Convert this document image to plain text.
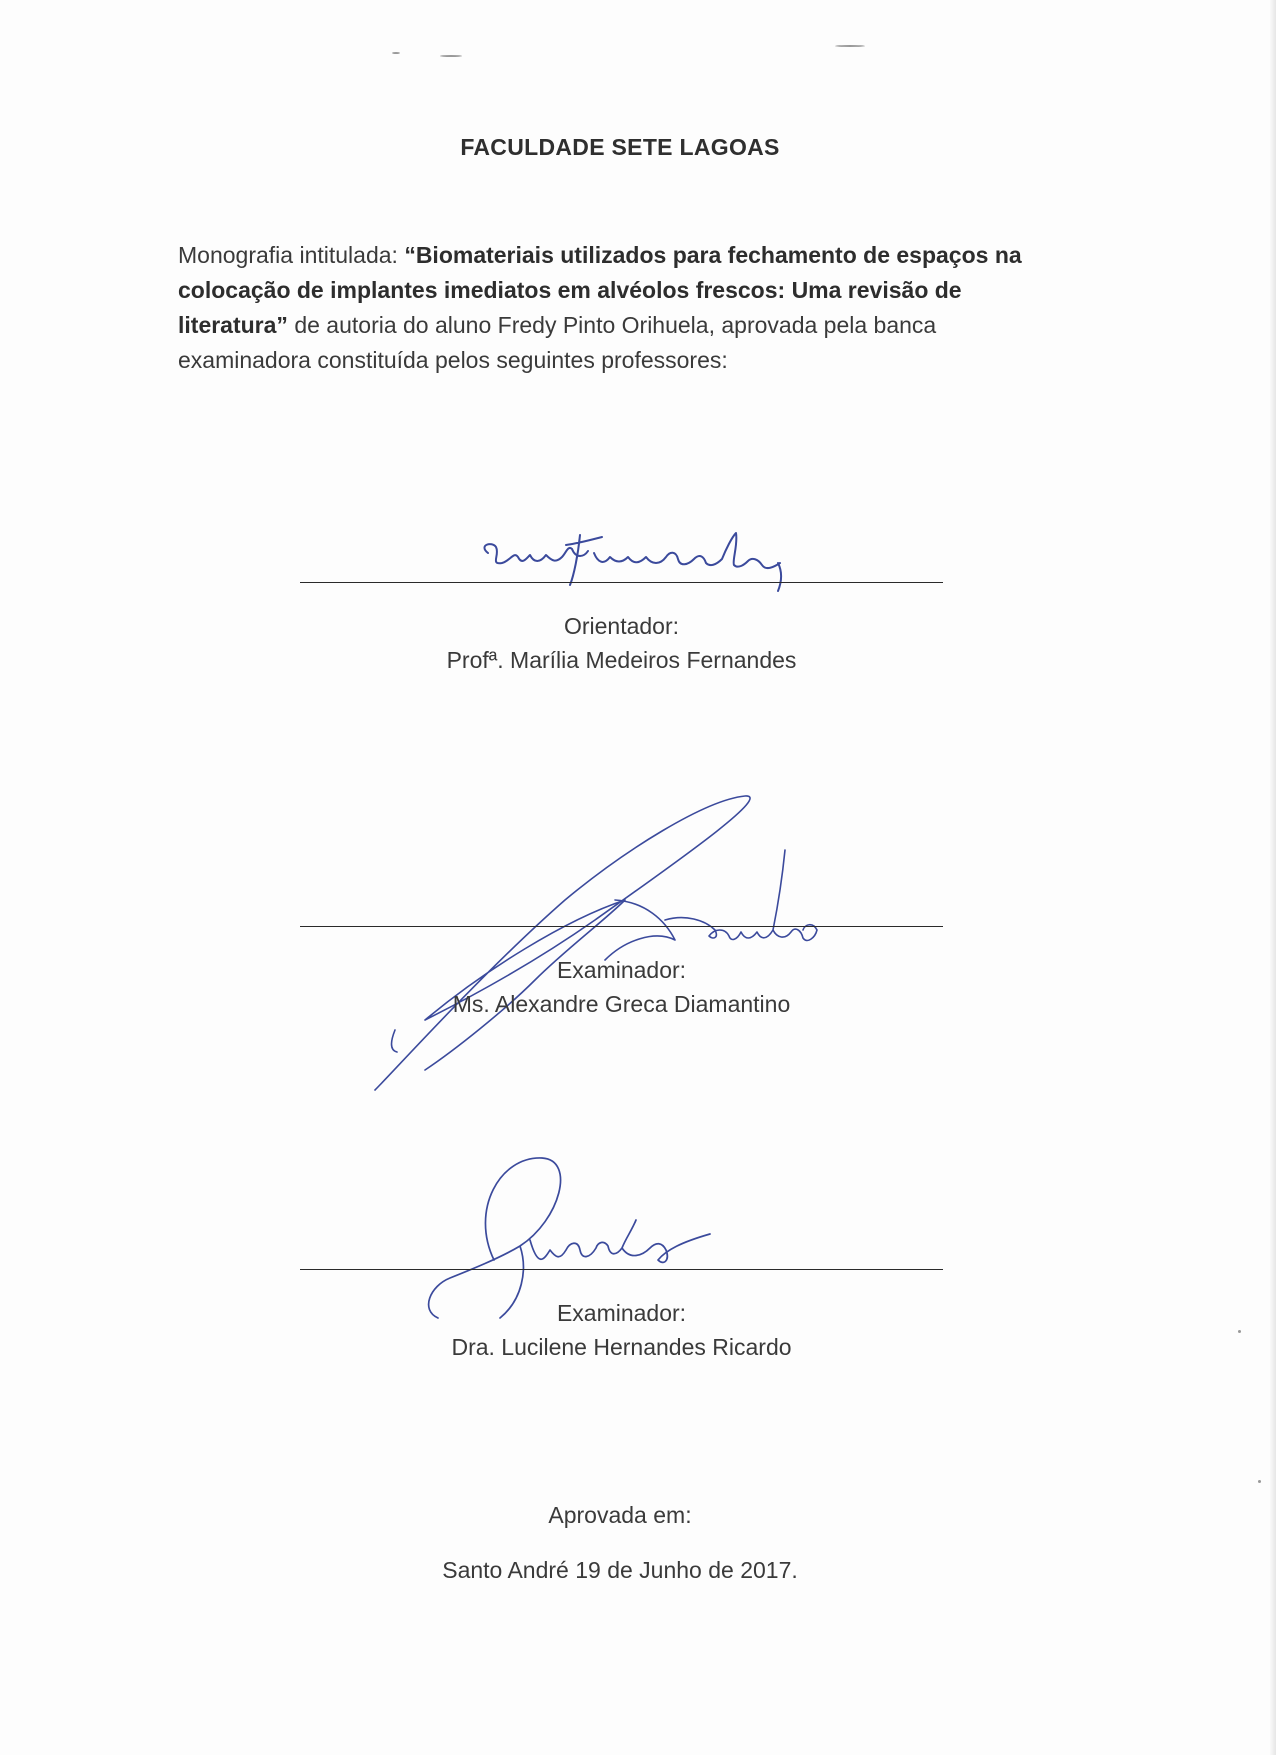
FACULDADE SETE LAGOAS
Monografia intitulada: “Biomateriais utilizados para fechamento de espaços na colocação de implantes imediatos em alvéolos frescos: Uma revisão de literatura” de autoria do aluno Fredy Pinto Orihuela, aprovada pela banca examinadora constituída pelos seguintes professores:
Orientador:
Profª. Marília Medeiros Fernandes
Examinador:
Ms. Alexandre Greca Diamantino
Examinador:
Dra. Lucilene Hernandes Ricardo
Aprovada em:
Santo André 19 de Junho de 2017.
